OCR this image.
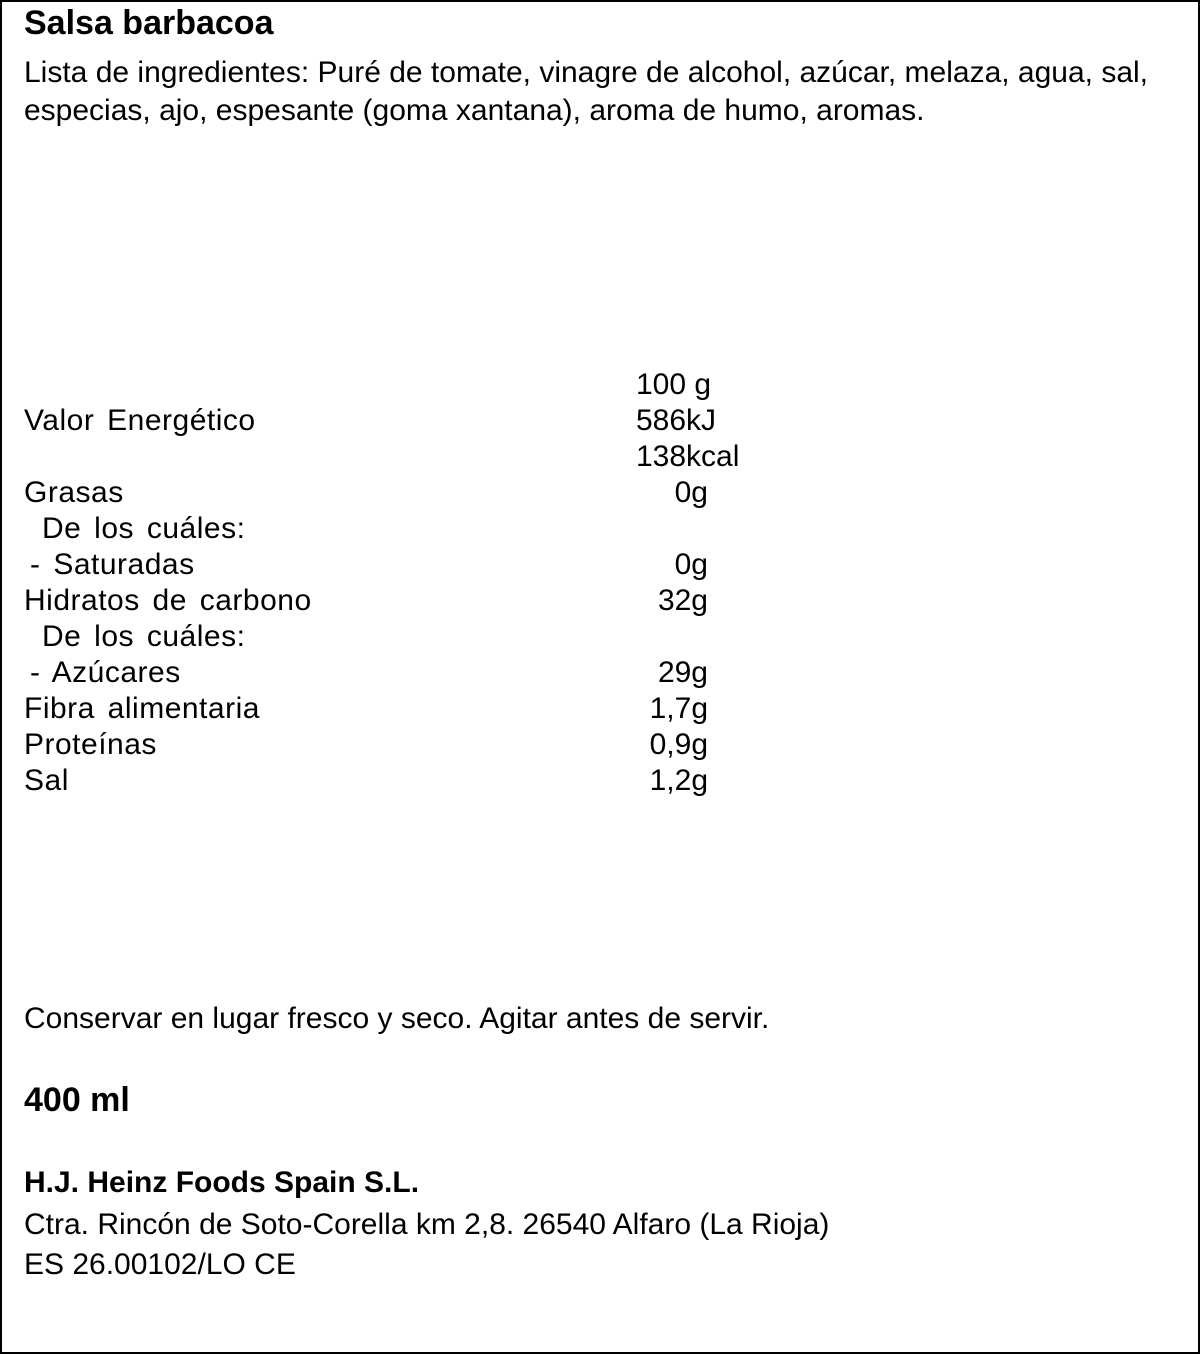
Salsa barbacoa
Lista de ingredientes: Puré de tomate, vinagre de alcohol, azúcar, melaza, agua, sal, especias, ajo, espesante (goma xantana), aroma de humo, aromas.
100 g
Valor Energético	586kJ
138kcal
Grasas	0g
De los cuáles:
- Saturadas	0g
Hidratos de carbono	32g
De los cuáles:
- Azúcares	29g
Fibra alimentaria	1,7g
Proteínas	0,9g
Sal	1,2g
Conservar en lugar fresco y seco. Agitar antes de servir.
400 ml
H.J. Heinz Foods Spain S.L.
Ctra. Rincón de Soto-Corella km 2,8. 26540 Alfaro (La Rioja)
ES 26.00102/LO CE
